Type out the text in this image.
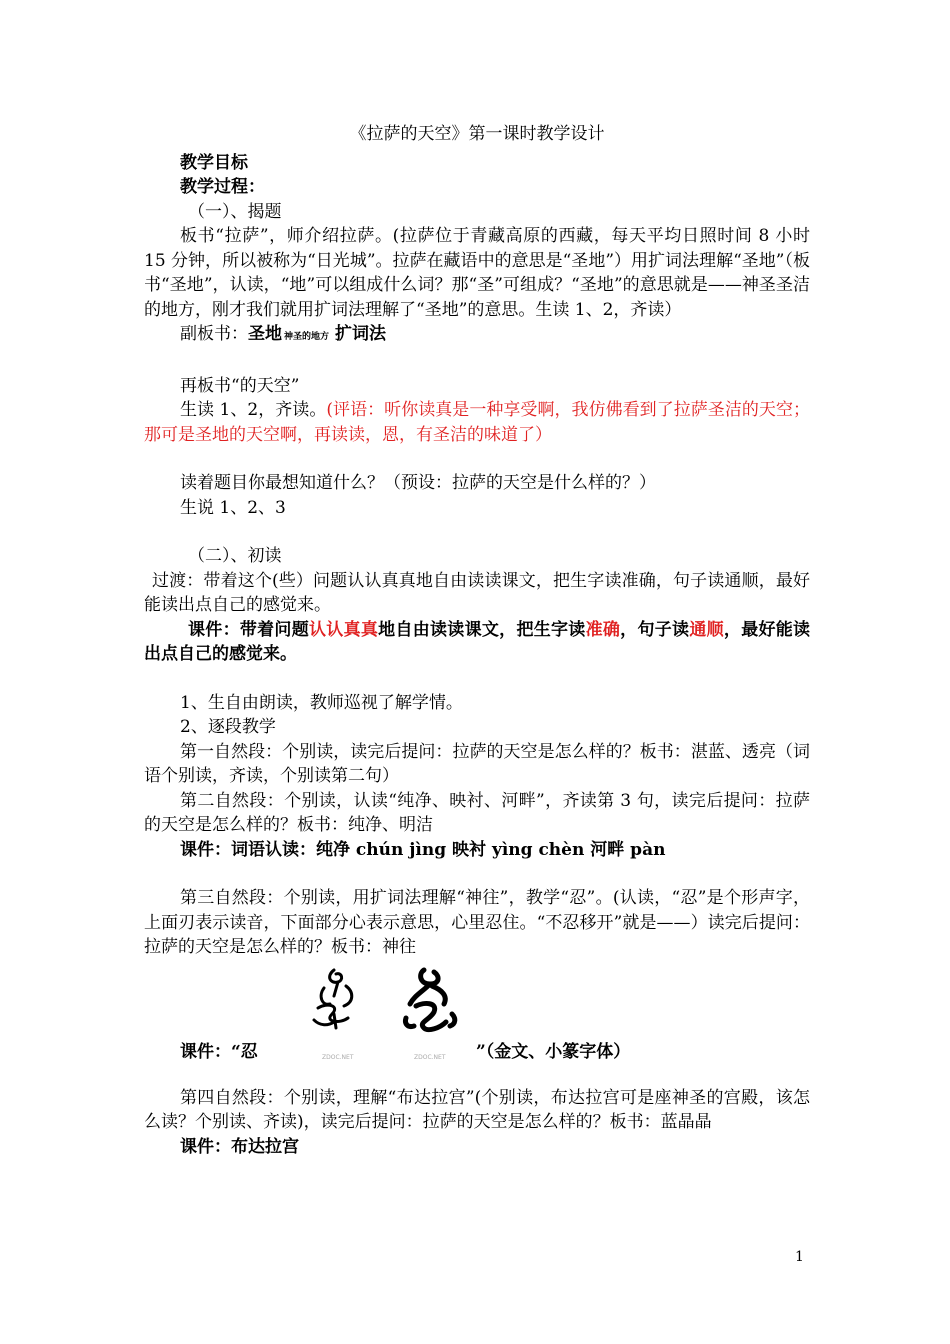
《拉萨的天空》第一课时教学设计

教学目标

教学过程：

（一）、揭题

板书“拉萨”，师介绍拉萨。(拉萨位于青藏高原的西藏，每天平均日照时间 8 小时 15 分钟，所以被称为“日光城”。拉萨在藏语中的意思是“圣地”）用扩词法理解“圣地”（板书“圣地”，认读，“地”可以组成什么词？那“圣”可组成？“圣地”的意思就是——神圣圣洁的地方，刚才我们就用扩词法理解了“圣地”的意思。生读 1、2，齐读）

副板书：圣地 神圣的地方 扩词法

再板书“的天空”

生读 1、2，齐读。(评语：听你读真是一种享受啊，我仿佛看到了拉萨圣洁的天空；那可是圣地的天空啊，再读读，恩，有圣洁的味道了）

读着题目你最想知道什么？（预设：拉萨的天空是什么样的？）

生说 1、2、3

（二）、初读

过渡：带着这个(些）问题认认真真地自由读读课文，把生字读准确，句子读通顺，最好能读出点自己的感觉来。

课件：带着问题认认真真地自由读读课文，把生字读准确，句子读通顺，最好能读出点自己的感觉来。

1、生自由朗读，教师巡视了解学情。

2、逐段教学

第一自然段：个别读，读完后提问：拉萨的天空是怎么样的？板书：湛蓝、透亮（词语个别读，齐读，个别读第二句）

第二自然段：个别读，认读“纯净、映衬、河畔”，齐读第 3 句，读完后提问：拉萨的天空是怎么样的？板书：纯净、明洁

课件：词语认读：纯净 chún jìng 映衬 yìng chèn 河畔 pàn

第三自然段：个别读，用扩词法理解“神往”，教学“忍”。(认读，“忍”是个形声字，上面刃表示读音，下面部分心表示意思，心里忍住。“不忍移开”就是——）读完后提问：拉萨的天空是怎么样的？板书：神往

ZDOC.NET	ZDOC.NET

课件：“忍	”（金文、小篆字体）

第四自然段：个别读，理解“布达拉宫”(个别读，布达拉宫可是座神圣的宫殿，该怎么读？个别读、齐读)，读完后提问：拉萨的天空是怎么样的？板书：蓝晶晶

课件：布达拉宫

1
